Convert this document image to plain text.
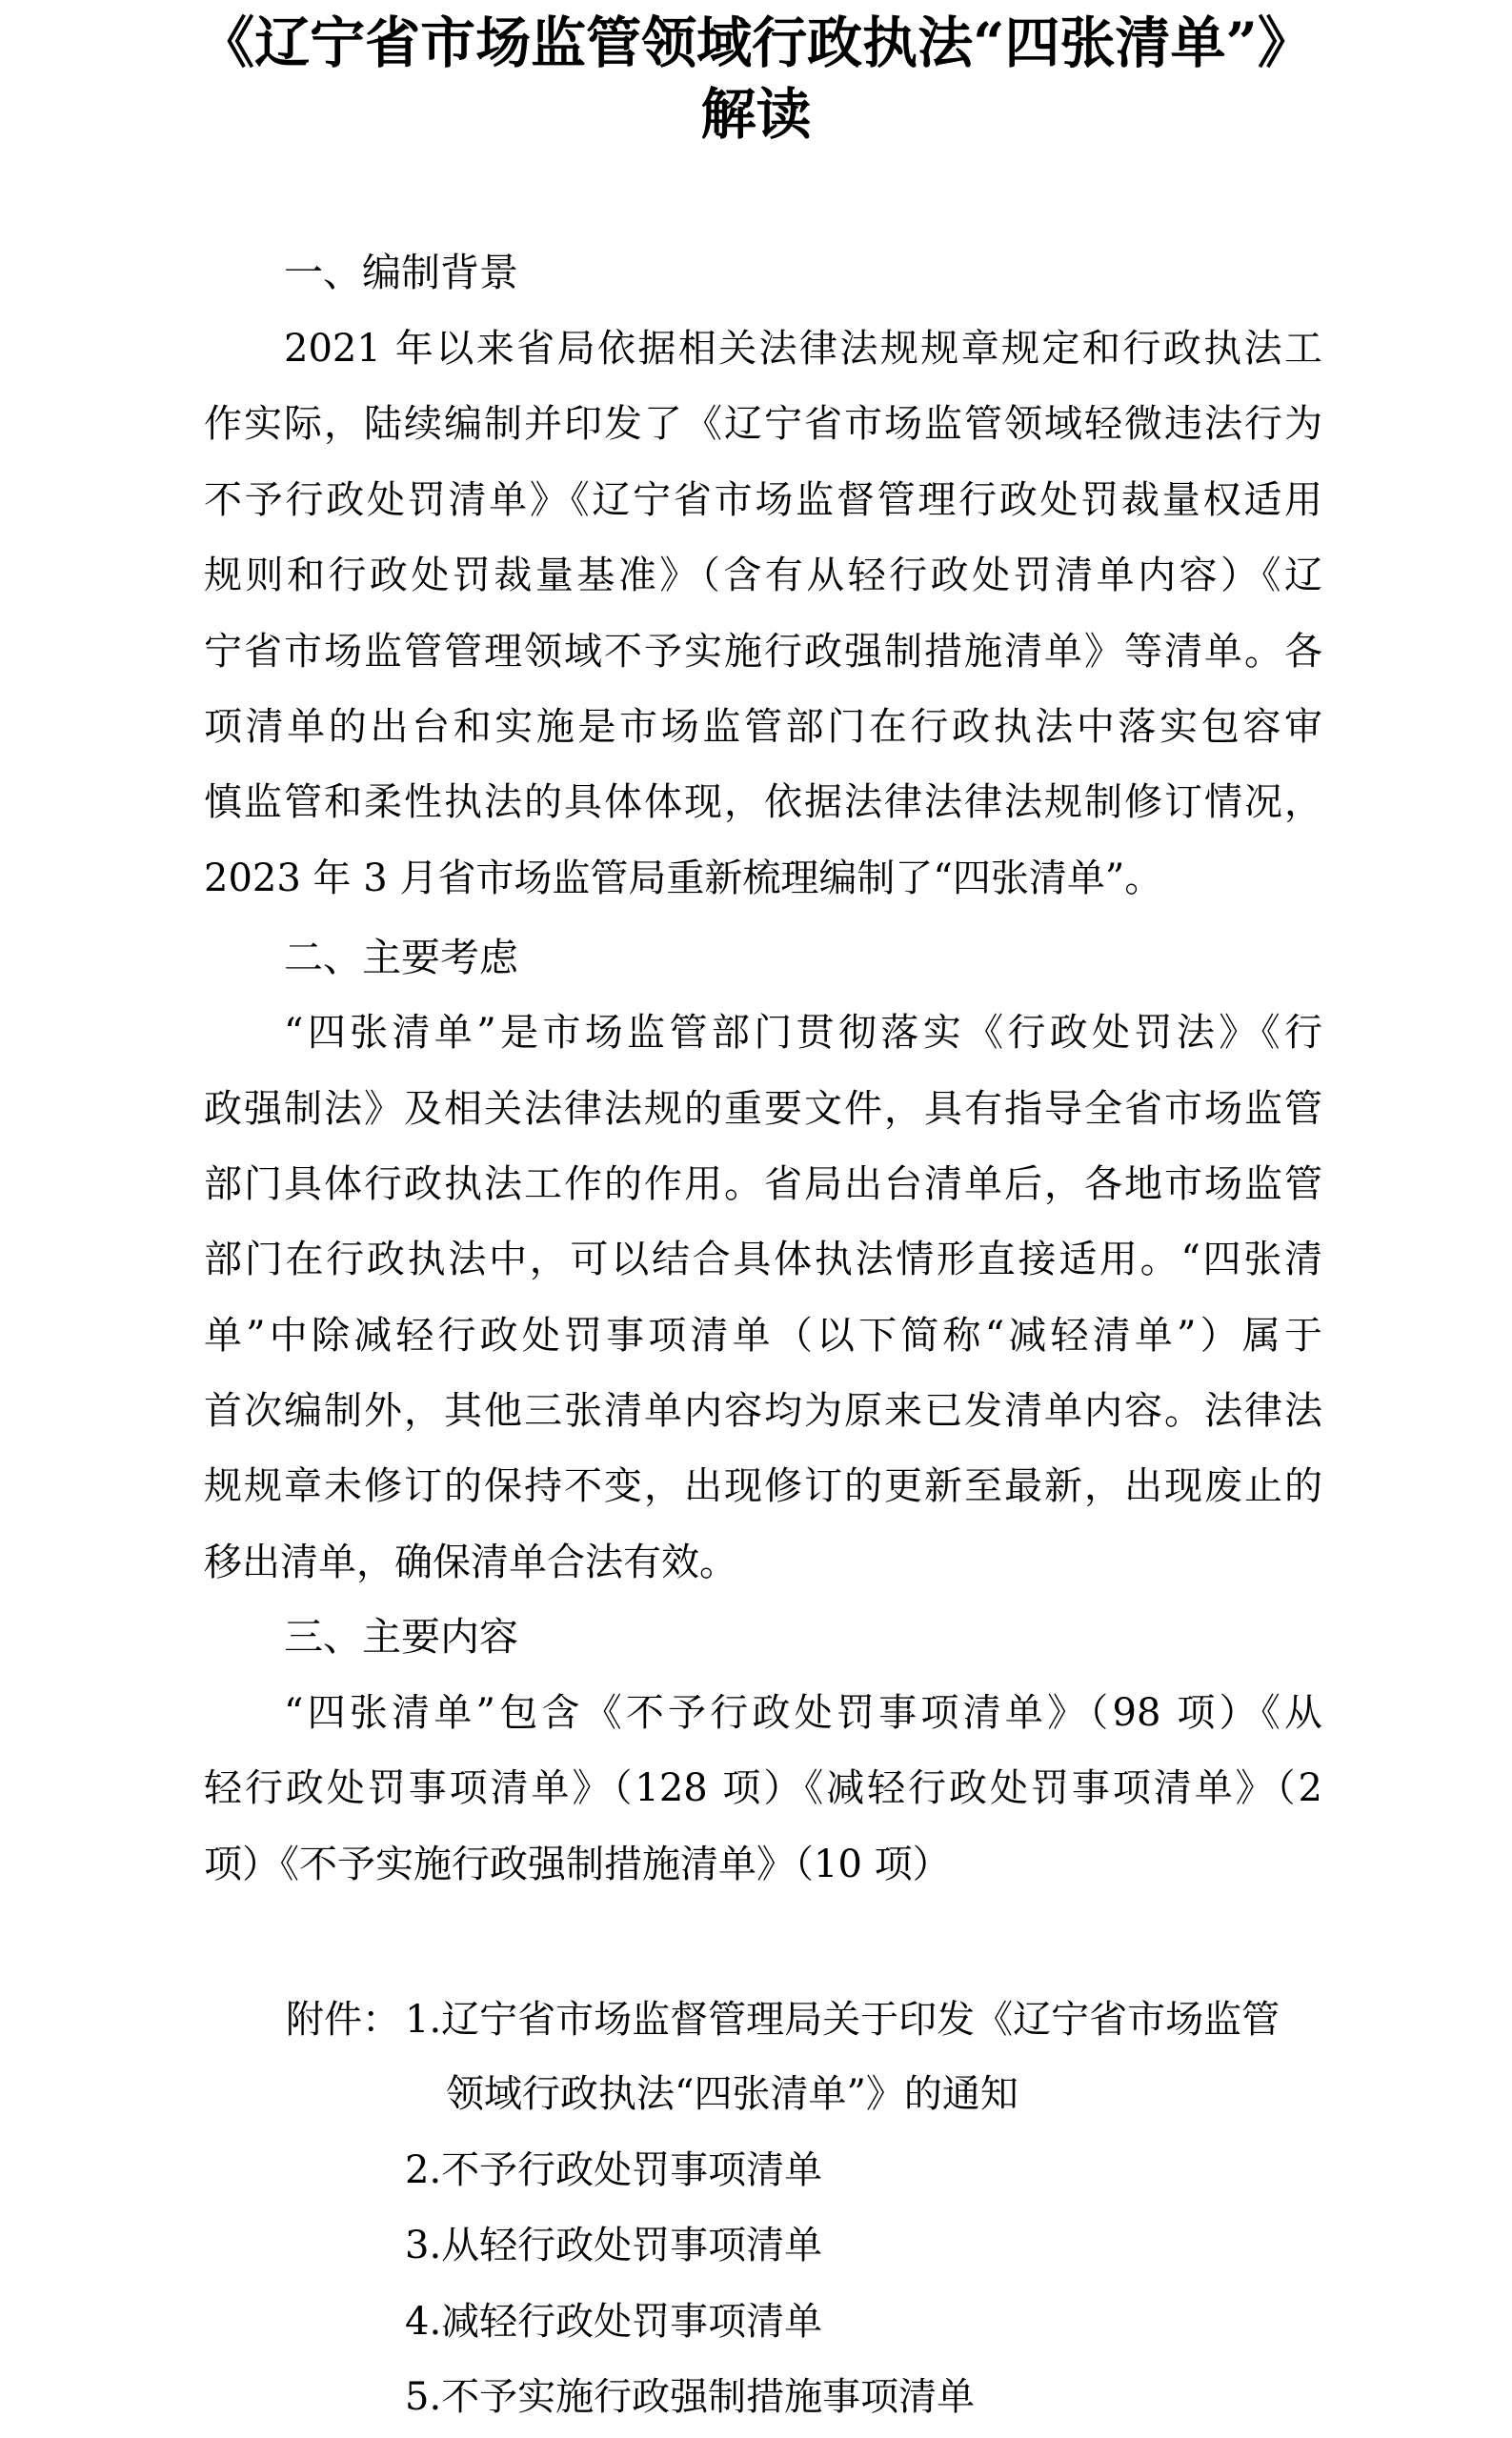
《辽宁省市场监管领域行政执法“四张清单”》
解读
一、编制背景
2021 年以来省局依据相关法律法规规章规定和行政执法工
作实际，陆续编制并印发了《辽宁省市场监管领域轻微违法行为
不予行政处罚清单》《辽宁省市场监督管理行政处罚裁量权适用
规则和行政处罚裁量基准》（含有从轻行政处罚清单内容）《辽
宁省市场监管管理领域不予实施行政强制措施清单》等清单。各
项清单的出台和实施是市场监管部门在行政执法中落实包容审
慎监管和柔性执法的具体体现，依据法律法律法规制修订情况，
2023 年 3 月省市场监管局重新梳理编制了“四张清单”。
二、主要考虑
“四张清单”是市场监管部门贯彻落实《行政处罚法》《行
政强制法》及相关法律法规的重要文件，具有指导全省市场监管
部门具体行政执法工作的作用。省局出台清单后，各地市场监管
部门在行政执法中，可以结合具体执法情形直接适用。“四张清
单”中除减轻行政处罚事项清单（以下简称“减轻清单”）属于
首次编制外，其他三张清单内容均为原来已发清单内容。法律法
规规章未修订的保持不变，出现修订的更新至最新，出现废止的
移出清单，确保清单合法有效。
三、主要内容
“四张清单”包含《不予行政处罚事项清单》（98 项）《从
轻行政处罚事项清单》（128 项）《减轻行政处罚事项清单》（2
项）《不予实施行政强制措施清单》（10 项）
附件： 1.辽宁省市场监督管理局关于印发《辽宁省市场监管
领域行政执法“四张清单”》的通知
2.不予行政处罚事项清单
3.从轻行政处罚事项清单
4.减轻行政处罚事项清单
5.不予实施行政强制措施事项清单
